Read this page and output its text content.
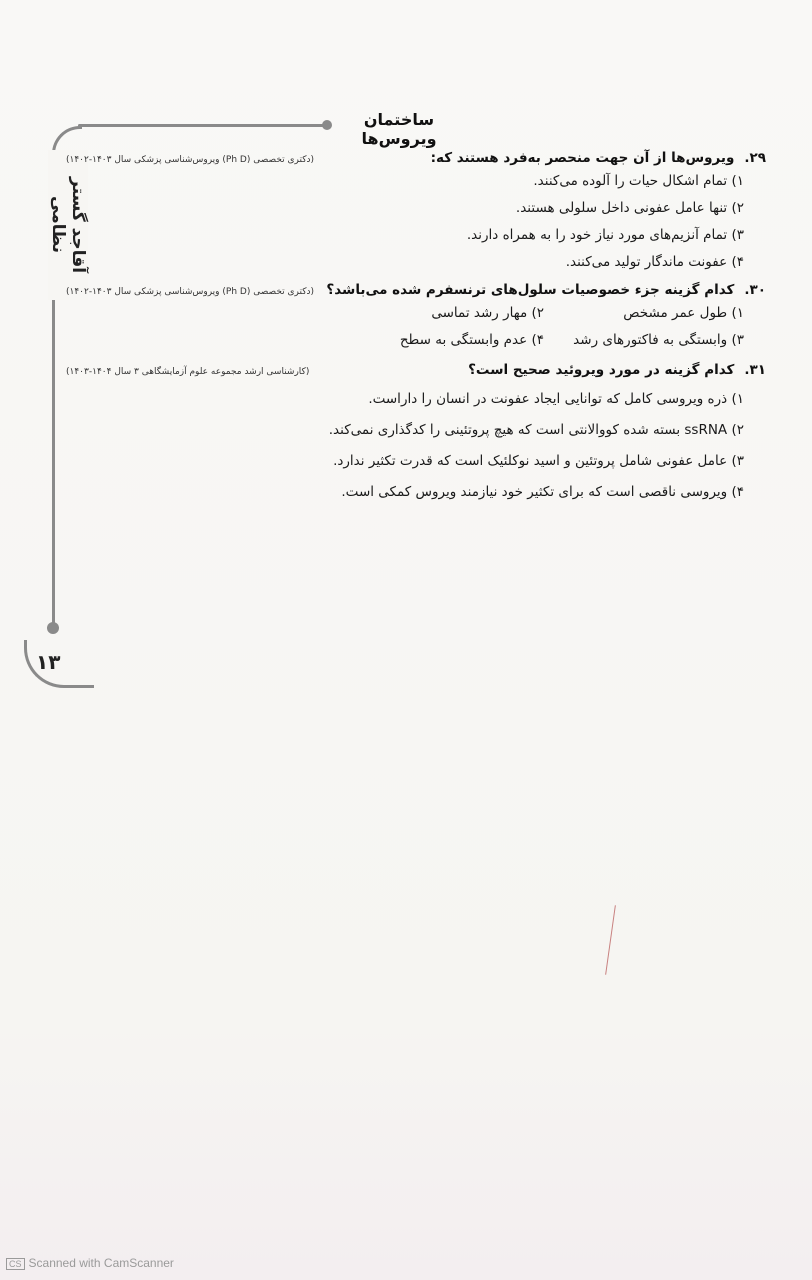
آقاجد گستر نظامی
۱۳
ساختمان ویروس‌ها
۲۹.ویروس‌ها از آن جهت منحصر به‌فرد هستند که:
(دکتری تخصصی (Ph D) ویروس‌شناسی پزشکی سال ۱۴۰۳-۱۴۰۲)
۱) تمام اشکال حیات را آلوده می‌کنند.
۲) تنها عامل عفونی داخل سلولی هستند.
۳) تمام آنزیم‌های مورد نیاز خود را به همراه دارند.
۴) عفونت ماندگار تولید می‌کنند.
۳۰.کدام گزینه جزء خصوصیات سلول‌های ترنسفرم شده می‌باشد؟
(دکتری تخصصی (Ph D) ویروس‌شناسی پزشکی سال ۱۴۰۳-۱۴۰۲)
۱) طول عمر مشخص
۲) مهار رشد تماسی
۳) وابستگی به فاکتورهای رشد
۴) عدم وابستگی به سطح
۳۱.کدام گزینه در مورد ویروئید صحیح است؟
(کارشناسی ارشد مجموعه علوم آزمایشگاهی ۳ سال ۱۴۰۴-۱۴۰۳)
۱) ذره ویروسی کامل که توانایی ایجاد عفونت در انسان را داراست.
۲) ssRNA بسته شده کووالانتی است که هیچ پروتئینی را کدگذاری نمی‌کند.
۳) عامل عفونی شامل پروتئین و اسید نوکلئیک است که قدرت تکثیر ندارد.
۴) ویروسی ناقصی است که برای تکثیر خود نیازمند ویروس کمکی است.
CS Scanned with CamScanner
